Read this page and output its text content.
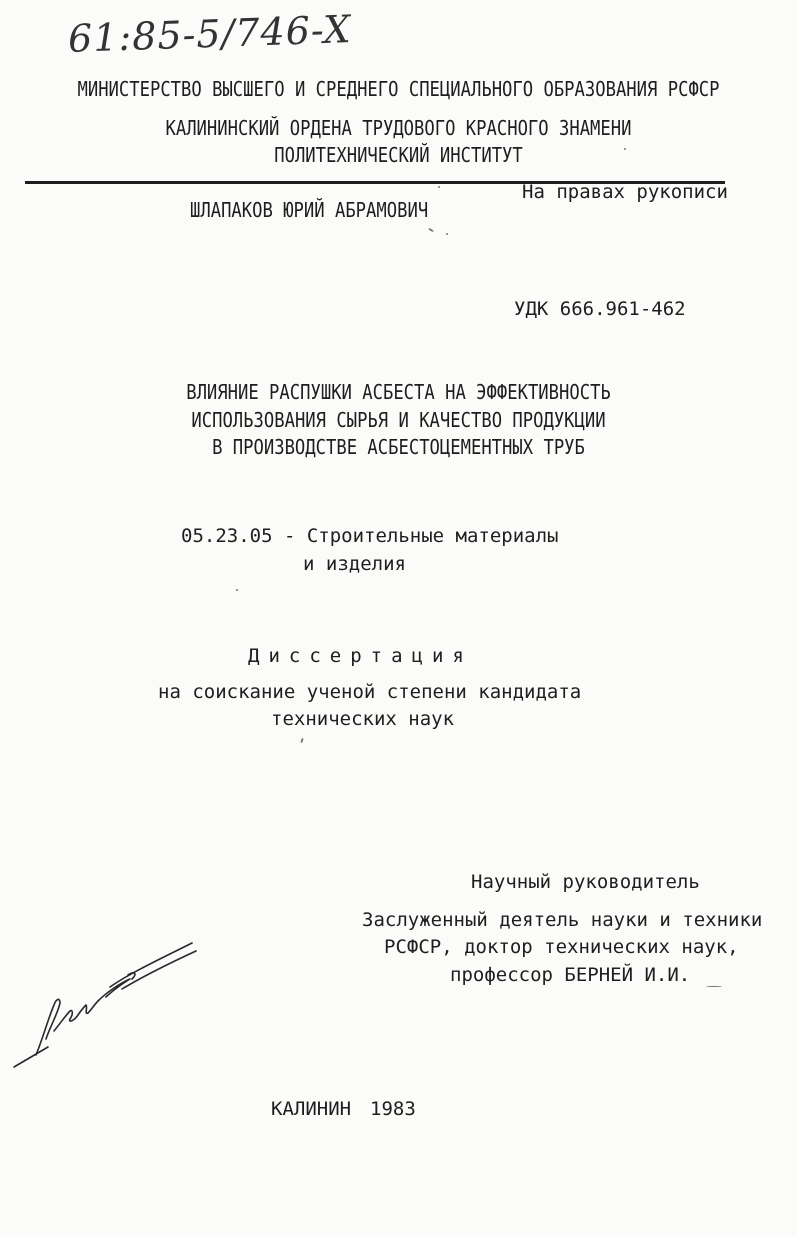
61:85-5/746-X
МИНИСТЕРСТВО ВЫСШЕГО И СРЕДНЕГО СПЕЦИАЛЬНОГО ОБРАЗОВАНИЯ РСФСР
КАЛИНИНСКИЙ ОРДЕНА ТРУДОВОГО КРАСНОГО ЗНАМЕНИ
ПОЛИТЕХНИЧЕСКИЙ ИНСТИТУТ
На правах рукописи
ШЛАПАКОВ ЮРИЙ АБРАМОВИЧ
УДК 666.961-462
ВЛИЯНИЕ РАСПУШКИ АСБЕСТА НА ЭФФЕКТИВНОСТЬ
ИСПОЛЬЗОВАНИЯ СЫРЬЯ И КАЧЕСТВО ПРОДУКЦИИ
В ПРОИЗВОДСТВЕ АСБЕСТОЦЕМЕНТНЫХ ТРУБ
05.23.05 - Строительные материалы
и изделия
Диссертация
на соискание ученой степени кандидата
технических наук
Научный руководитель
Заслуженный деятель науки и техники
РСФСР, доктор технических наук,
профессор БЕРНЕЙ И.И.
КАЛИНИН 1983
